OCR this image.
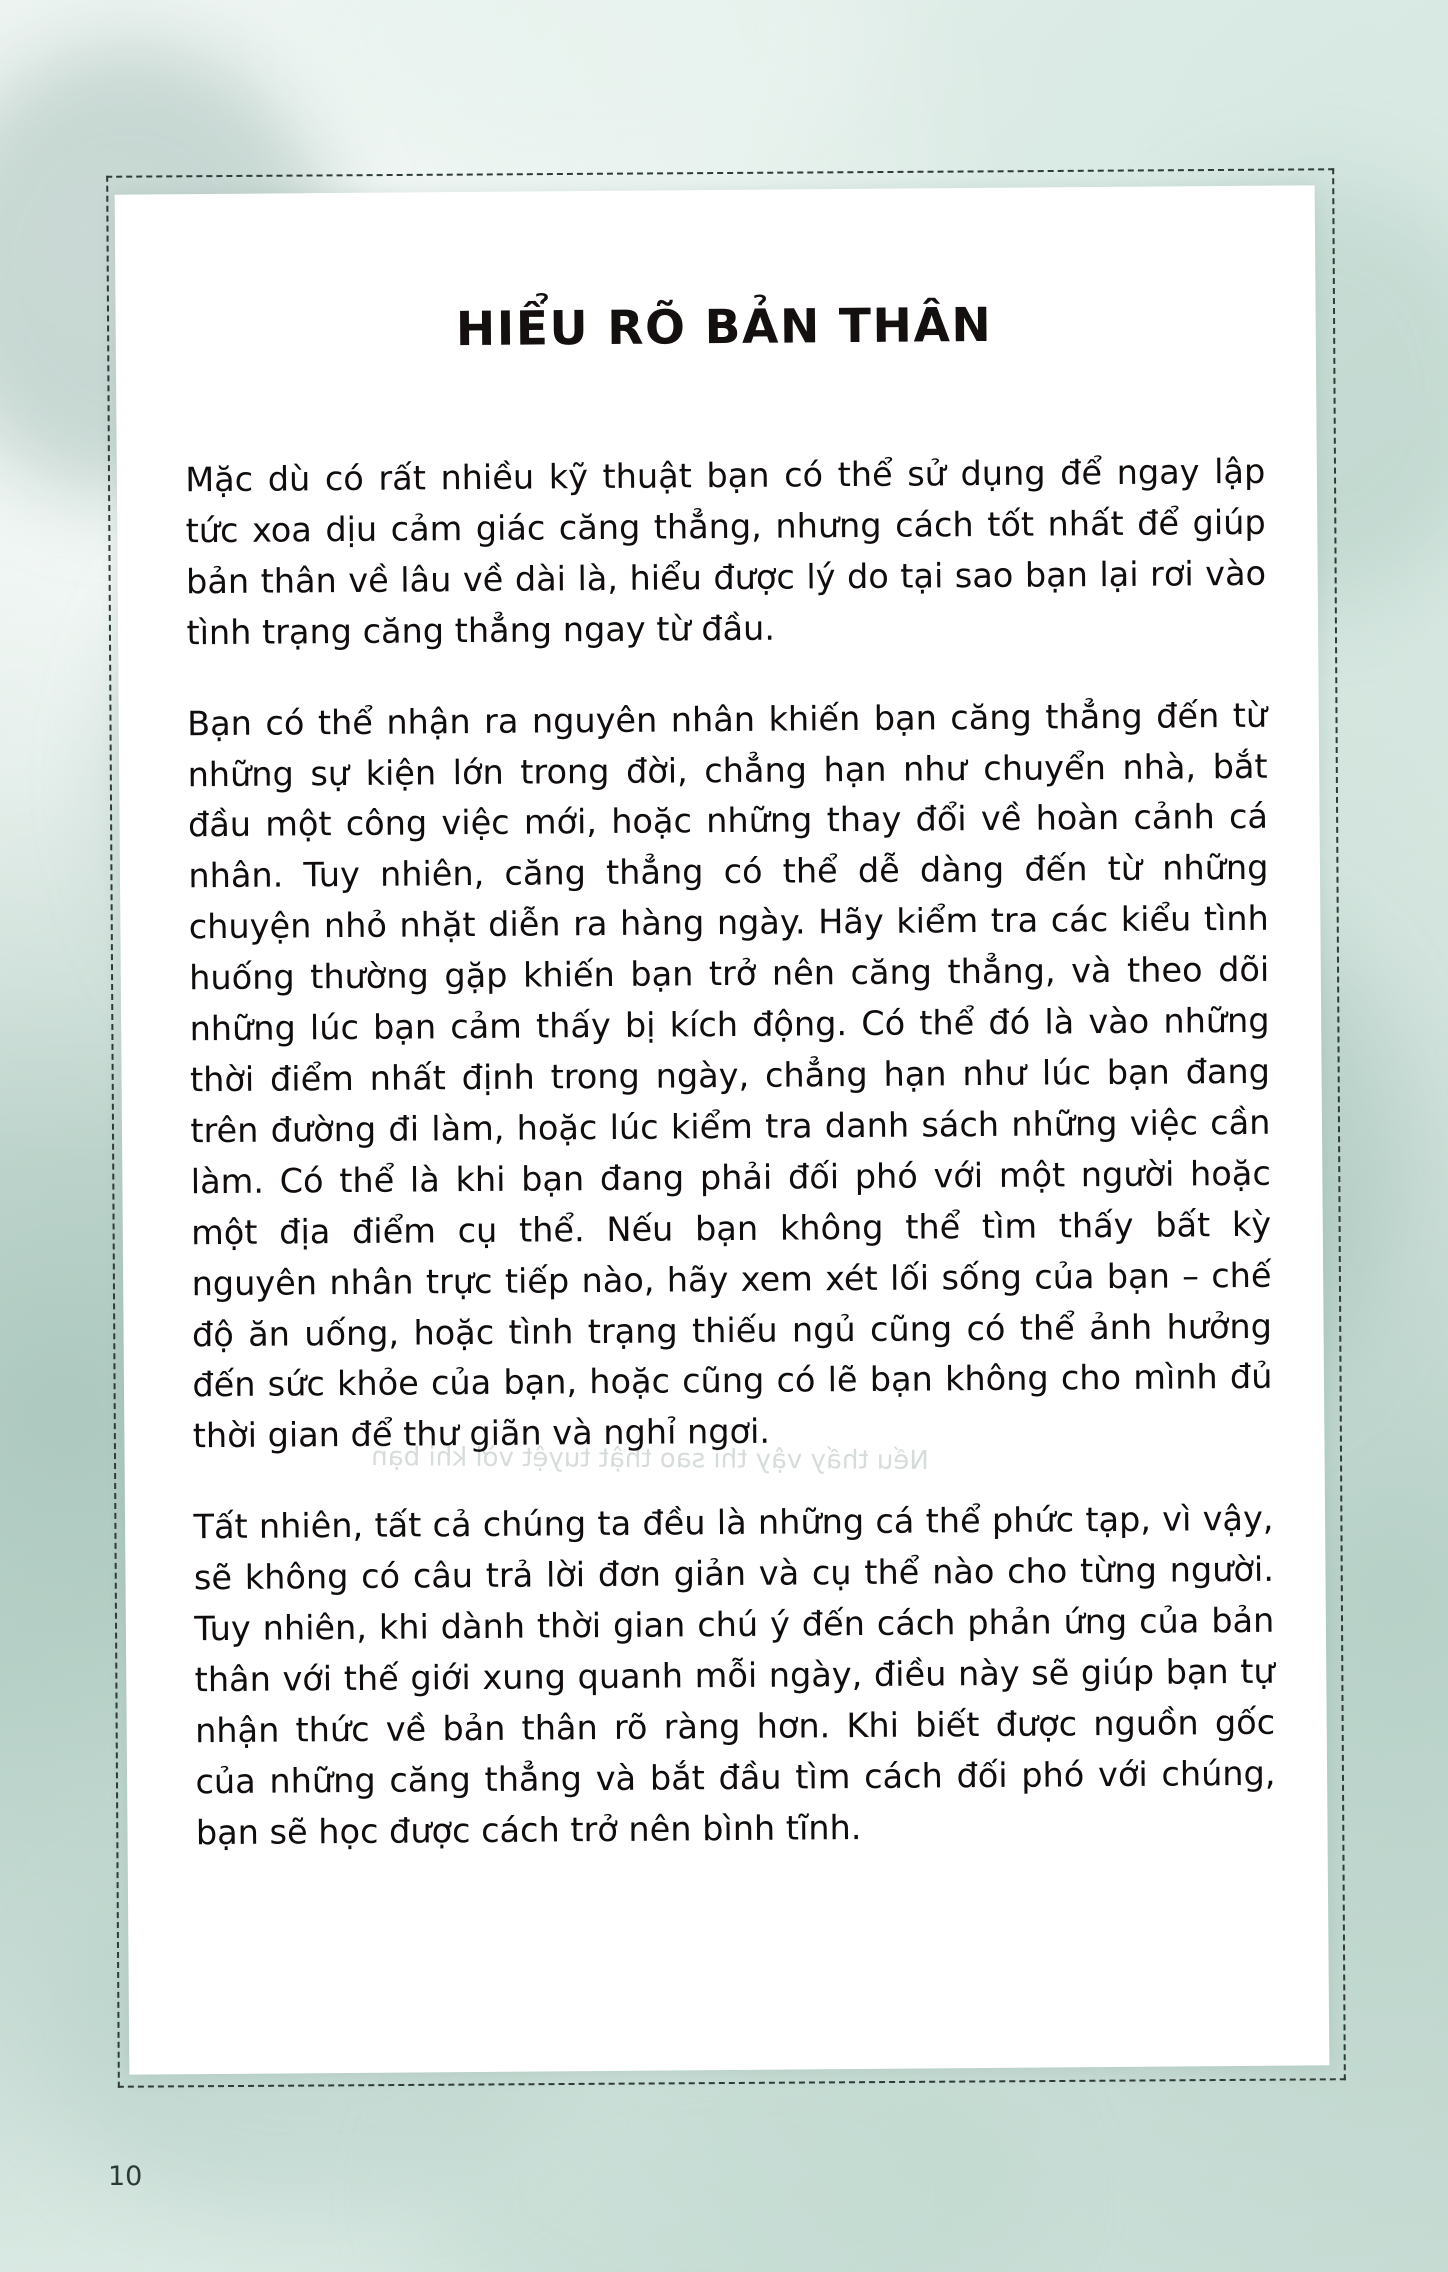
Nếu thấy vậy thì sao thật tuyệt vời khi bạn
HIỂU RÕ BẢN THÂN

Mặc dù có rất nhiều kỹ thuật bạn có thể sử dụng để ngay lập tức xoa dịu cảm giác căng thẳng, nhưng cách tốt nhất để giúp bản thân về lâu về dài là, hiểu được lý do tại sao bạn lại rơi vào tình trạng căng thẳng ngay từ đầu.

Bạn có thể nhận ra nguyên nhân khiến bạn căng thẳng đến từ những sự kiện lớn trong đời, chẳng hạn như chuyển nhà, bắt đầu một công việc mới, hoặc những thay đổi về hoàn cảnh cá nhân. Tuy nhiên, căng thẳng có thể dễ dàng đến từ những chuyện nhỏ nhặt diễn ra hàng ngày. Hãy kiểm tra các kiểu tình huống thường gặp khiến bạn trở nên căng thẳng, và theo dõi những lúc bạn cảm thấy bị kích động. Có thể đó là vào những thời điểm nhất định trong ngày, chẳng hạn như lúc bạn đang trên đường đi làm, hoặc lúc kiểm tra danh sách những việc cần làm. Có thể là khi bạn đang phải đối phó với một người hoặc một địa điểm cụ thể. Nếu bạn không thể tìm thấy bất kỳ nguyên nhân trực tiếp nào, hãy xem xét lối sống của bạn – chế độ ăn uống, hoặc tình trạng thiếu ngủ cũng có thể ảnh hưởng đến sức khỏe của bạn, hoặc cũng có lẽ bạn không cho mình đủ thời gian để thư giãn và nghỉ ngơi.

Tất nhiên, tất cả chúng ta đều là những cá thể phức tạp, vì vậy, sẽ không có câu trả lời đơn giản và cụ thể nào cho từng người. Tuy nhiên, khi dành thời gian chú ý đến cách phản ứng của bản thân với thế giới xung quanh mỗi ngày, điều này sẽ giúp bạn tự nhận thức về bản thân rõ ràng hơn. Khi biết được nguồn gốc của những căng thẳng và bắt đầu tìm cách đối phó với chúng, bạn sẽ học được cách trở nên bình tĩnh.

10
